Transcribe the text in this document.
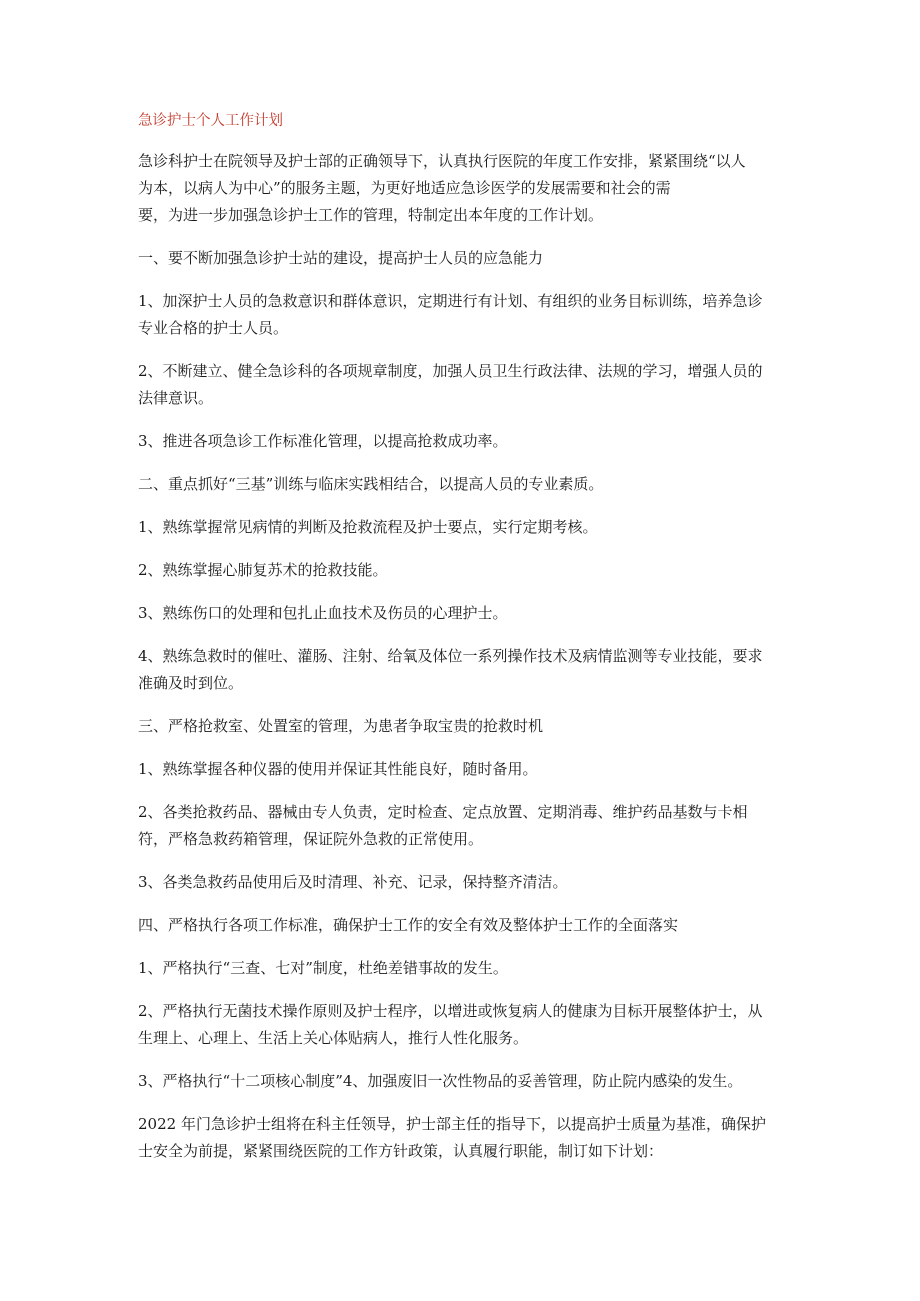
急诊护士个人工作计划

急诊科护士在院领导及护士部的正确领导下，认真执行医院的年度工作安排，紧紧围绕“以人
为本，以病人为中心”的服务主题，为更好地适应急诊医学的发展需要和社会的需
要，为进一步加强急诊护士工作的管理，特制定出本年度的工作计划。

一、要不断加强急诊护士站的建设，提高护士人员的应急能力

1、加深护士人员的急救意识和群体意识，定期进行有计划、有组织的业务目标训练，培养急诊
专业合格的护士人员。

2、不断建立、健全急诊科的各项规章制度，加强人员卫生行政法律、法规的学习，增强人员的
法律意识。

3、推进各项急诊工作标准化管理，以提高抢救成功率。

二、重点抓好“三基”训练与临床实践相结合，以提高人员的专业素质。

1、熟练掌握常见病情的判断及抢救流程及护士要点，实行定期考核。

2、熟练掌握心肺复苏术的抢救技能。

3、熟练伤口的处理和包扎止血技术及伤员的心理护士。

4、熟练急救时的催吐、灌肠、注射、给氧及体位一系列操作技术及病情监测等专业技能，要求
准确及时到位。

三、严格抢救室、处置室的管理，为患者争取宝贵的抢救时机

1、熟练掌握各种仪器的使用并保证其性能良好，随时备用。

2、各类抢救药品、器械由专人负责，定时检查、定点放置、定期消毒、维护药品基数与卡相
符，严格急救药箱管理，保证院外急救的正常使用。

3、各类急救药品使用后及时清理、补充、记录，保持整齐清洁。

四、严格执行各项工作标准，确保护士工作的安全有效及整体护士工作的全面落实

1、严格执行“三查、七对”制度，杜绝差错事故的发生。

2、严格执行无菌技术操作原则及护士程序，以增进或恢复病人的健康为目标开展整体护士，从
生理上、心理上、生活上关心体贴病人，推行人性化服务。

3、严格执行“十二项核心制度”4、加强废旧一次性物品的妥善管理，防止院内感染的发生。

2022 年门急诊护士组将在科主任领导，护士部主任的指导下，以提高护士质量为基准，确保护
士安全为前提，紧紧围绕医院的工作方针政策，认真履行职能，制订如下计划：
